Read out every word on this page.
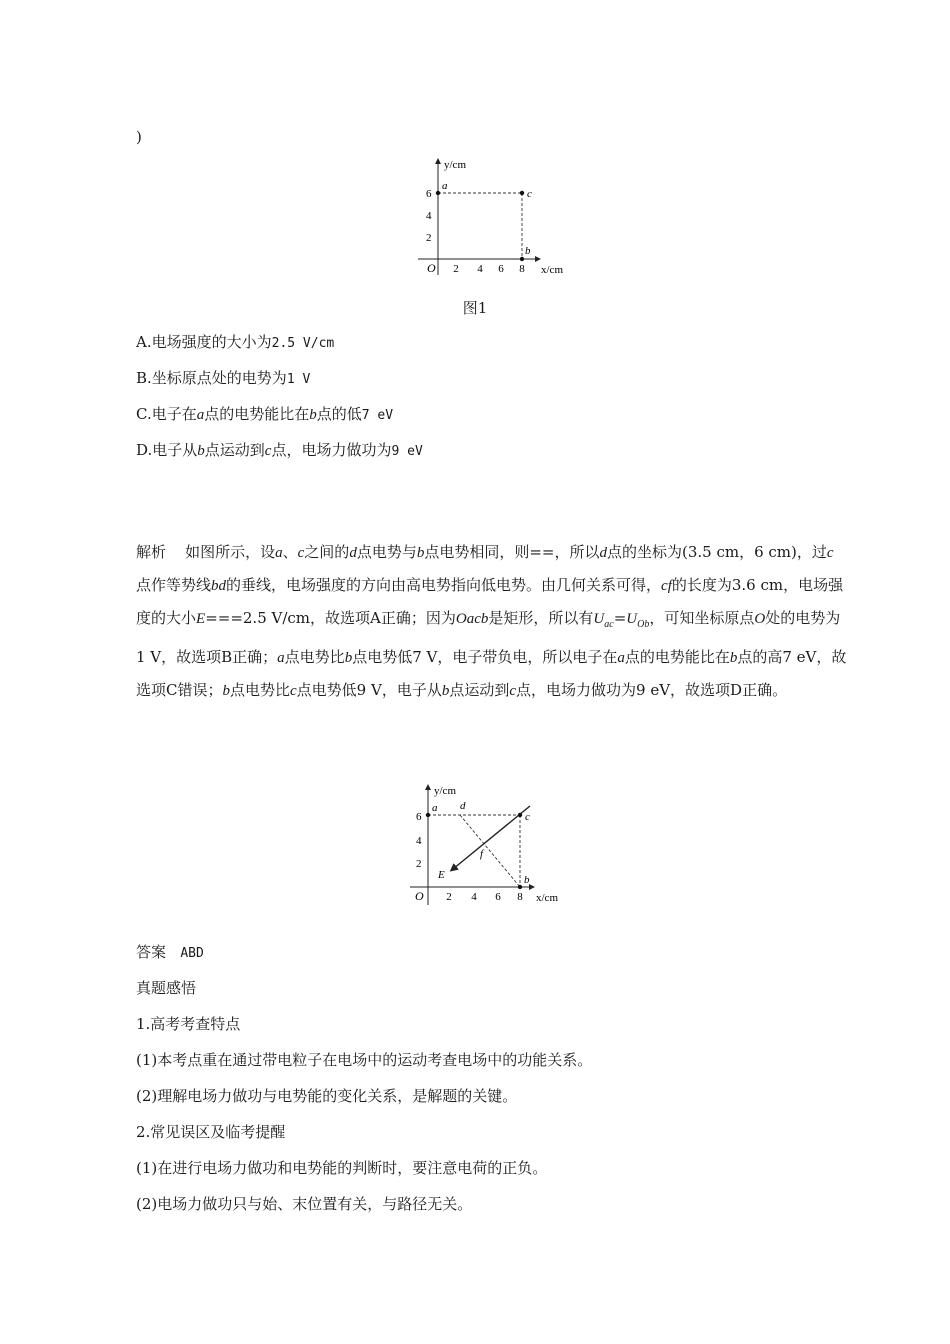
)
y/cm
x/cm
O 2 4 6 8
2
4
6
a
c
b
图1
A.电场强度的大小为2.5 V/cm
B.坐标原点处的电势为1 V
C.电子在a点的电势能比在b点的低7 eV
D.电子从b点运动到c点，电场力做功为9 eV
解析 如图所示，设a、c之间的d点电势与b点电势相同，则==，所以d点的坐标为(3.5 cm，6 cm)，过c点作等势线bd的垂线，电场强度的方向由高电势指向低电势。由几何关系可得，cf的长度为3.6 cm，电场强度的大小E===2.5 V/cm，故选项A正确；因为Oacb是矩形，所以有$U_{ac}=U_{Ob}$，可知坐标原点O处的电势为1 V，故选项B正确；a点电势比b点电势低7 V，电子带负电，所以电子在a点的电势能比在b点的高7 eV，故选项C错误；b点电势比c点电势低9 V，电子从b点运动到c点，电场力做功为9 eV，故选项D正确。
y/cm
x/cm
O 2 4 6 8
2
4
6
a d
c
f
E	b
答案 ABD
真题感悟
1.高考考查特点
(1)本考点重在通过带电粒子在电场中的运动考查电场中的功能关系。
(2)理解电场力做功与电势能的变化关系，是解题的关键。
2.常见误区及临考提醒
(1)在进行电场力做功和电势能的判断时，要注意电荷的正负。
(2)电场力做功只与始、末位置有关，与路径无关。
